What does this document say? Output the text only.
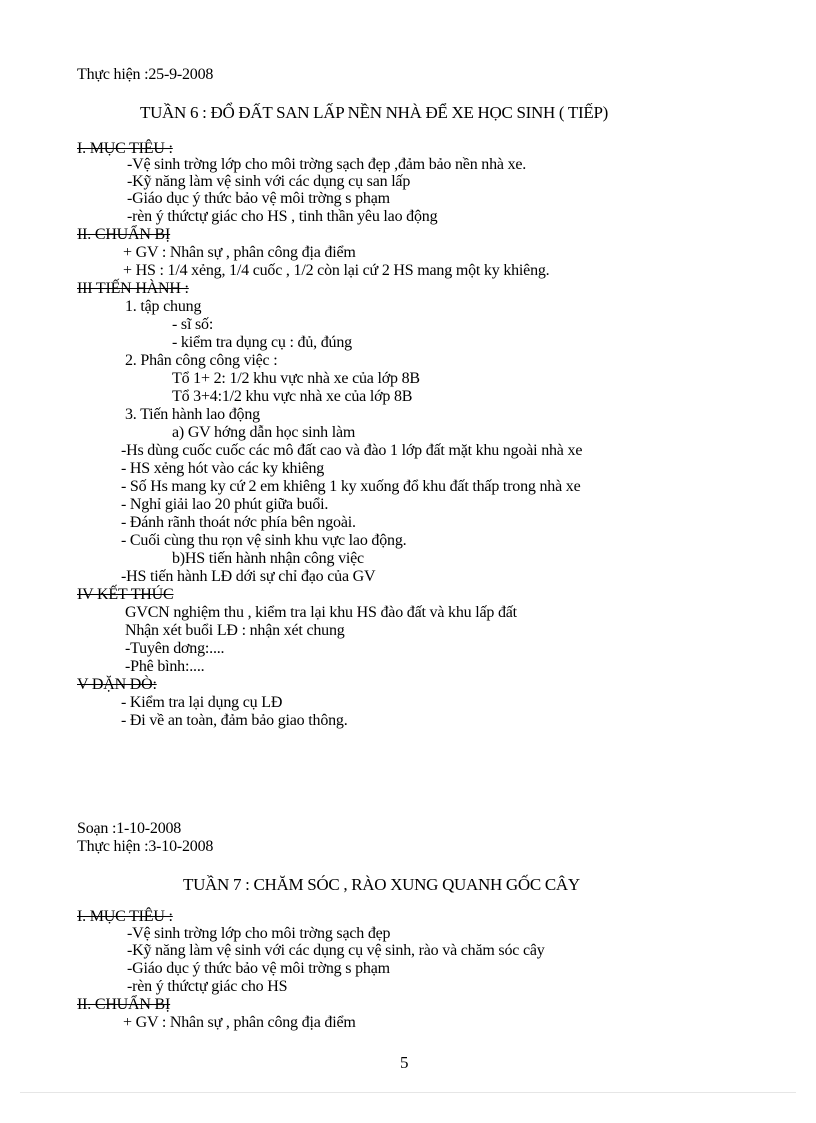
Thực hiện :25-9-2008
TUẦN 6 : ĐỔ ĐẤT SAN LẤP NỀN NHÀ ĐỂ XE HỌC SINH ( TIẾP)
I. MỤC TIÊU :
-Vệ sinh trờng lớp cho môi trờng sạch đẹp ,đảm bảo nền nhà xe.
-Kỹ năng làm vệ sinh với các dụng cụ san lấp
-Giáo dục ý thức bảo vệ môi trờng s phạm
-rèn ý thứctự giác cho HS , tinh thần yêu lao động
II. CHUẨN BỊ
+ GV : Nhân sự , phân công địa điểm
+ HS : 1/4 xẻng, 1/4 cuốc , 1/2 còn lại cứ 2 HS mang một ky khiêng.
III TIẾN HÀNH :
1. tập chung
- sĩ số:
- kiểm tra dụng cụ : đủ, đúng
2. Phân công công việc :
Tổ 1+ 2: 1/2 khu vực nhà xe của lớp 8B
Tổ 3+4:1/2 khu vực nhà xe của lớp 8B
3. Tiến hành lao động
a) GV hớng dẫn học sinh làm
-Hs dùng cuốc cuốc các mô đất cao và đào 1 lớp đất mặt khu ngoài nhà xe
- HS xẻng hót vào các ky khiêng
- Số Hs mang ky cứ 2 em khiêng 1 ky xuống đổ khu đất thấp trong nhà xe
- Nghỉ giải lao 20 phút giữa buổi.
- Đánh rãnh thoát nớc phía bên ngoài.
- Cuối cùng thu rọn vệ sinh khu vực lao động.
b)HS tiến hành nhận công việc
-HS tiến hành LĐ dới sự chỉ đạo của GV
IV KẾT THÚC
GVCN nghiệm thu , kiểm tra lại khu HS đào đất và khu lấp đất
Nhận xét buổi LĐ : nhận xét chung
-Tuyên dơng:....
-Phê bình:....
V DẶN DÒ:
- Kiểm tra lại dụng cụ LĐ
- Đi về an toàn, đảm bảo giao thông.
Soạn :1-10-2008
Thực hiện :3-10-2008
TUẦN 7 : CHĂM SÓC , RÀO XUNG QUANH GỐC CÂY
I. MỤC TIÊU :
-Vệ sinh trờng lớp cho môi trờng sạch đẹp
-Kỹ năng làm vệ sinh với các dụng cụ vệ sinh, rào và chăm sóc cây
-Giáo dục ý thức bảo vệ môi trờng s phạm
-rèn ý thứctự giác cho HS
II. CHUẨN BỊ
+ GV : Nhân sự , phân công địa điểm
5
